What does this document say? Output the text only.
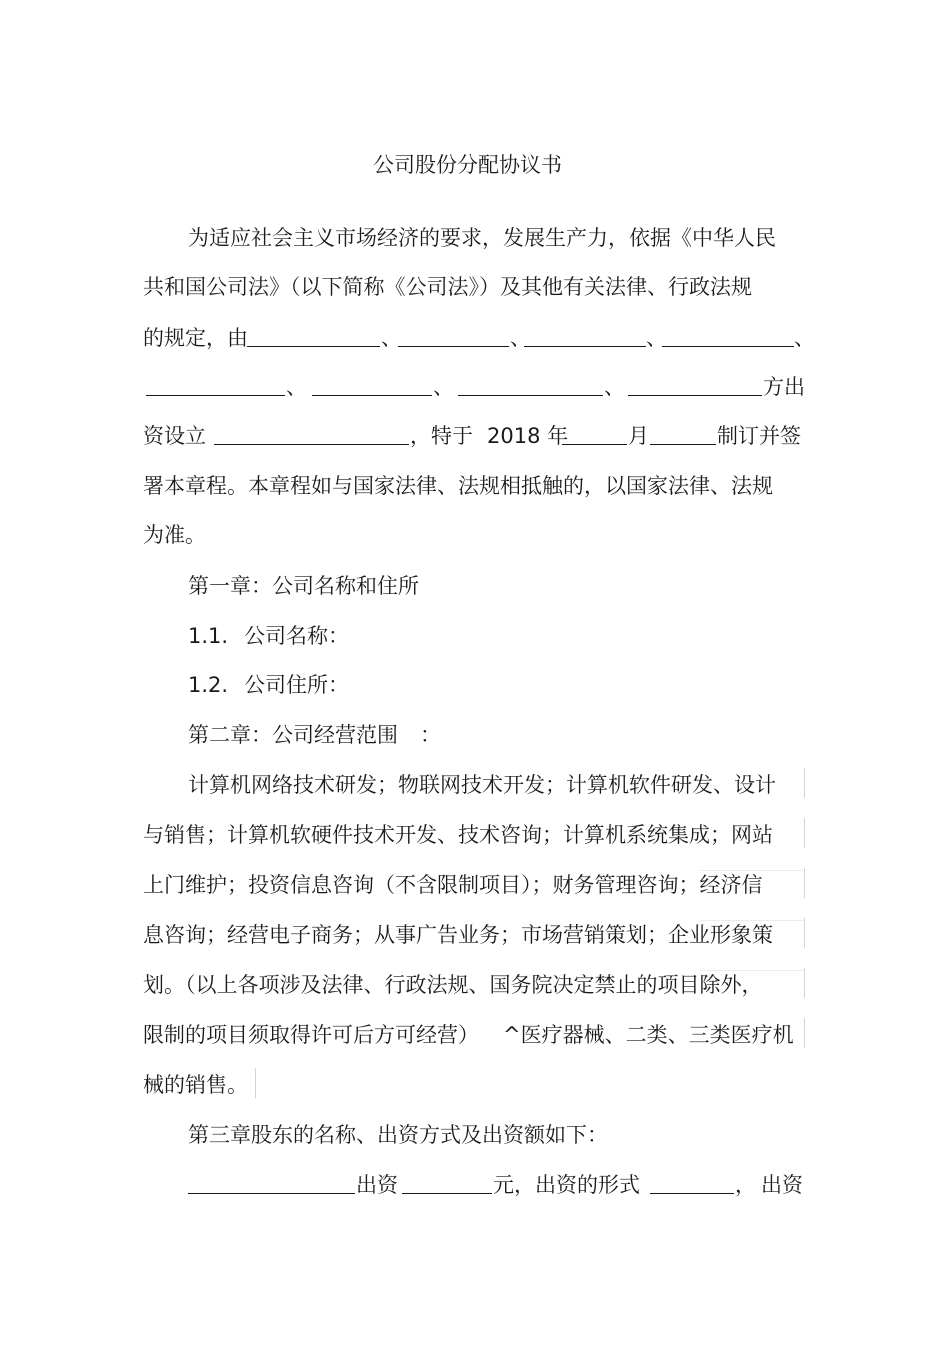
公司股份分配协议书
为适应社会主义市场经济的要求，发展生产力，依据《中华人民
共和国公司法》（以下简称《公司法》）及其他有关法律、行政法规
的规定，由	、	、	、	、
、	、	、	方出
资设立	，特于 2018 年	月	制订并签
署本章程。本章程如与国家法律、法规相抵触的，以国家法律、法规
为准。
第一章：公司名称和住所
1.1. 公司名称：
1.2. 公司住所：
第二章：公司经营范围 ：
计算机网络技术研发；物联网技术开发；计算机软件研发、设计
与销售；计算机软硬件技术开发、技术咨询；计算机系统集成；网站
上门维护；投资信息咨询（不含限制项目）；财务管理咨询；经济信
息咨询；经营电子商务；从事广告业务；市场营销策划；企业形象策
划。（以上各项涉及法律、行政法规、国务院决定禁止的项目除外，
限制的项目须取得许可后方可经营） ^医疗器械、二类、三类医疗机
械的销售。
第三章股东的名称、出资方式及出资额如下：
出资	元，出资的形式	， 出资
